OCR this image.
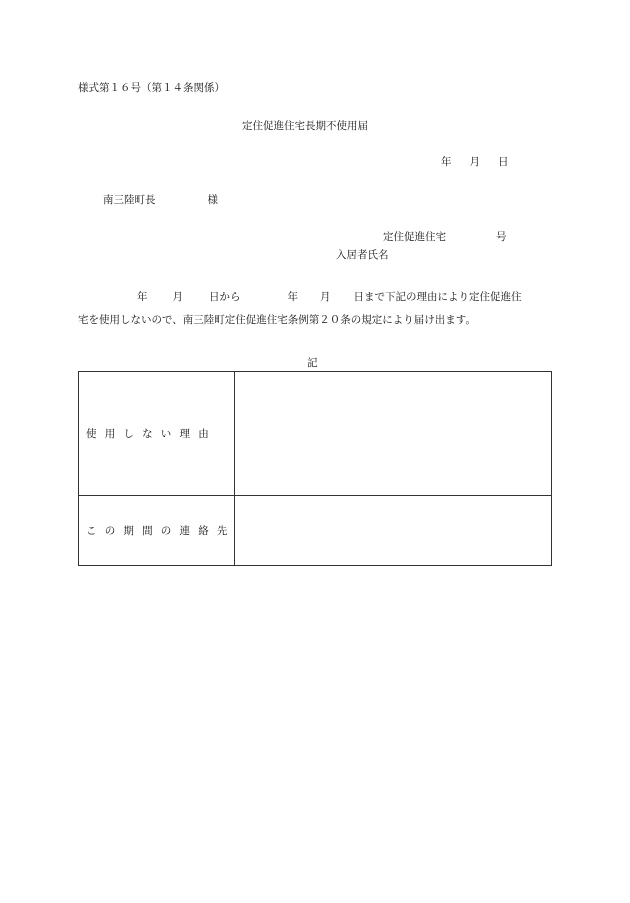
様式第１６号（第１４条関係）
定住促進住宅長期不使用届
年 月 日
南三陸町長	様
定住促進住宅	号
入居者氏名
年 月 日から	年 月 日まで下記の理由により定住促進住
宅を使用しないので、南三陸町定住促進住宅条例第２０条の規定により届け出ます。
記
使用しない理由
この期間の連絡先
